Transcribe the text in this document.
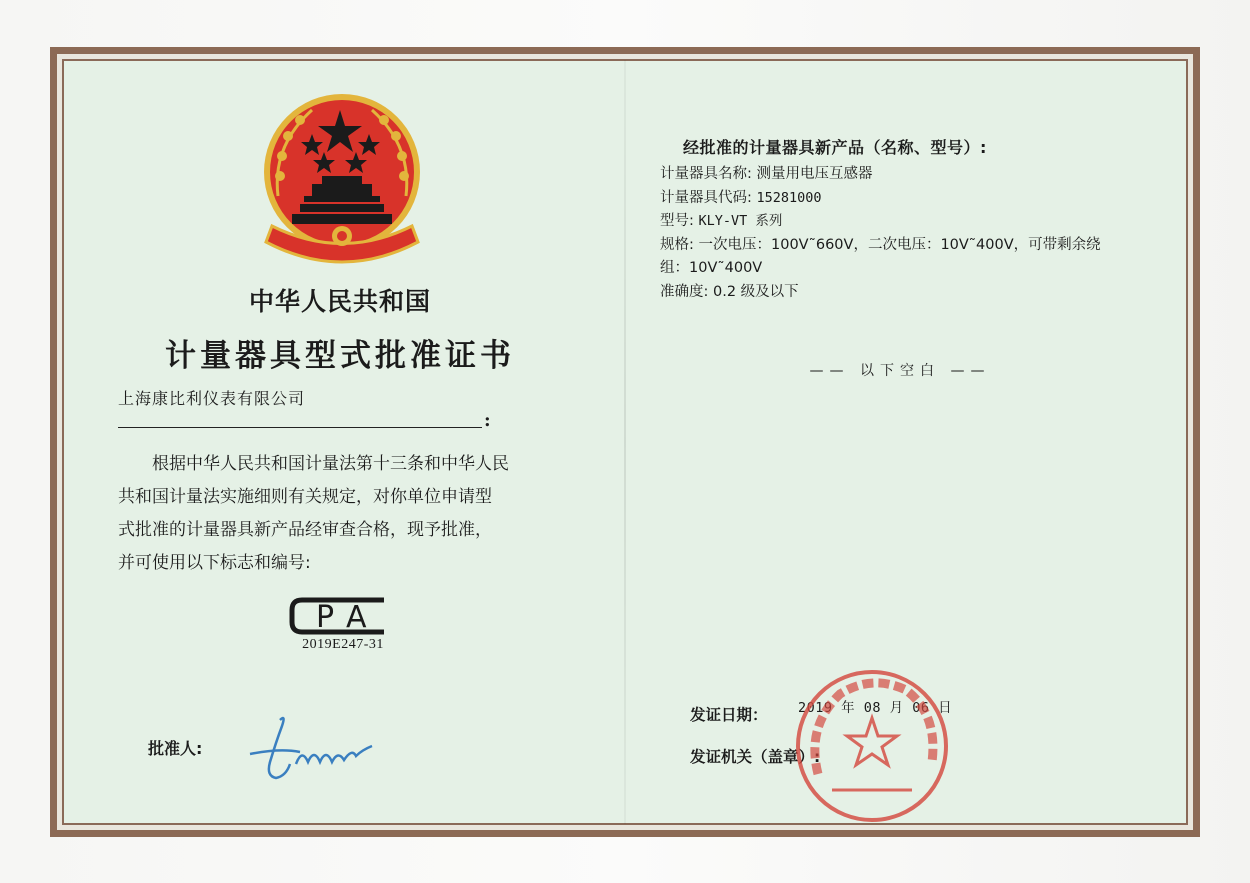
中华人民共和国
计量器具型式批准证书
上海康比利仪表有限公司
:
根据中华人民共和国计量法第十三条和中华人民
共和国计量法实施细则有关规定，对你单位申请型
式批准的计量器具新产品经审查合格，现予批准，
并可使用以下标志和编号:
P A
2019E247-31
批准人:
经批准的计量器具新产品（名称、型号）:
计量器具名称: 测量用电压互感器
计量器具代码: 15281000
型号: KLY-VT 系列
规格: 一次电压：100V˜660V，二次电压：10V˜400V，可带剩余绕
组：10V˜400V
准确度: 0.2 级及以下
—— 以下空白 ——
发证日期： 2019 年 08 月 06 日
发证机关（盖章）:
